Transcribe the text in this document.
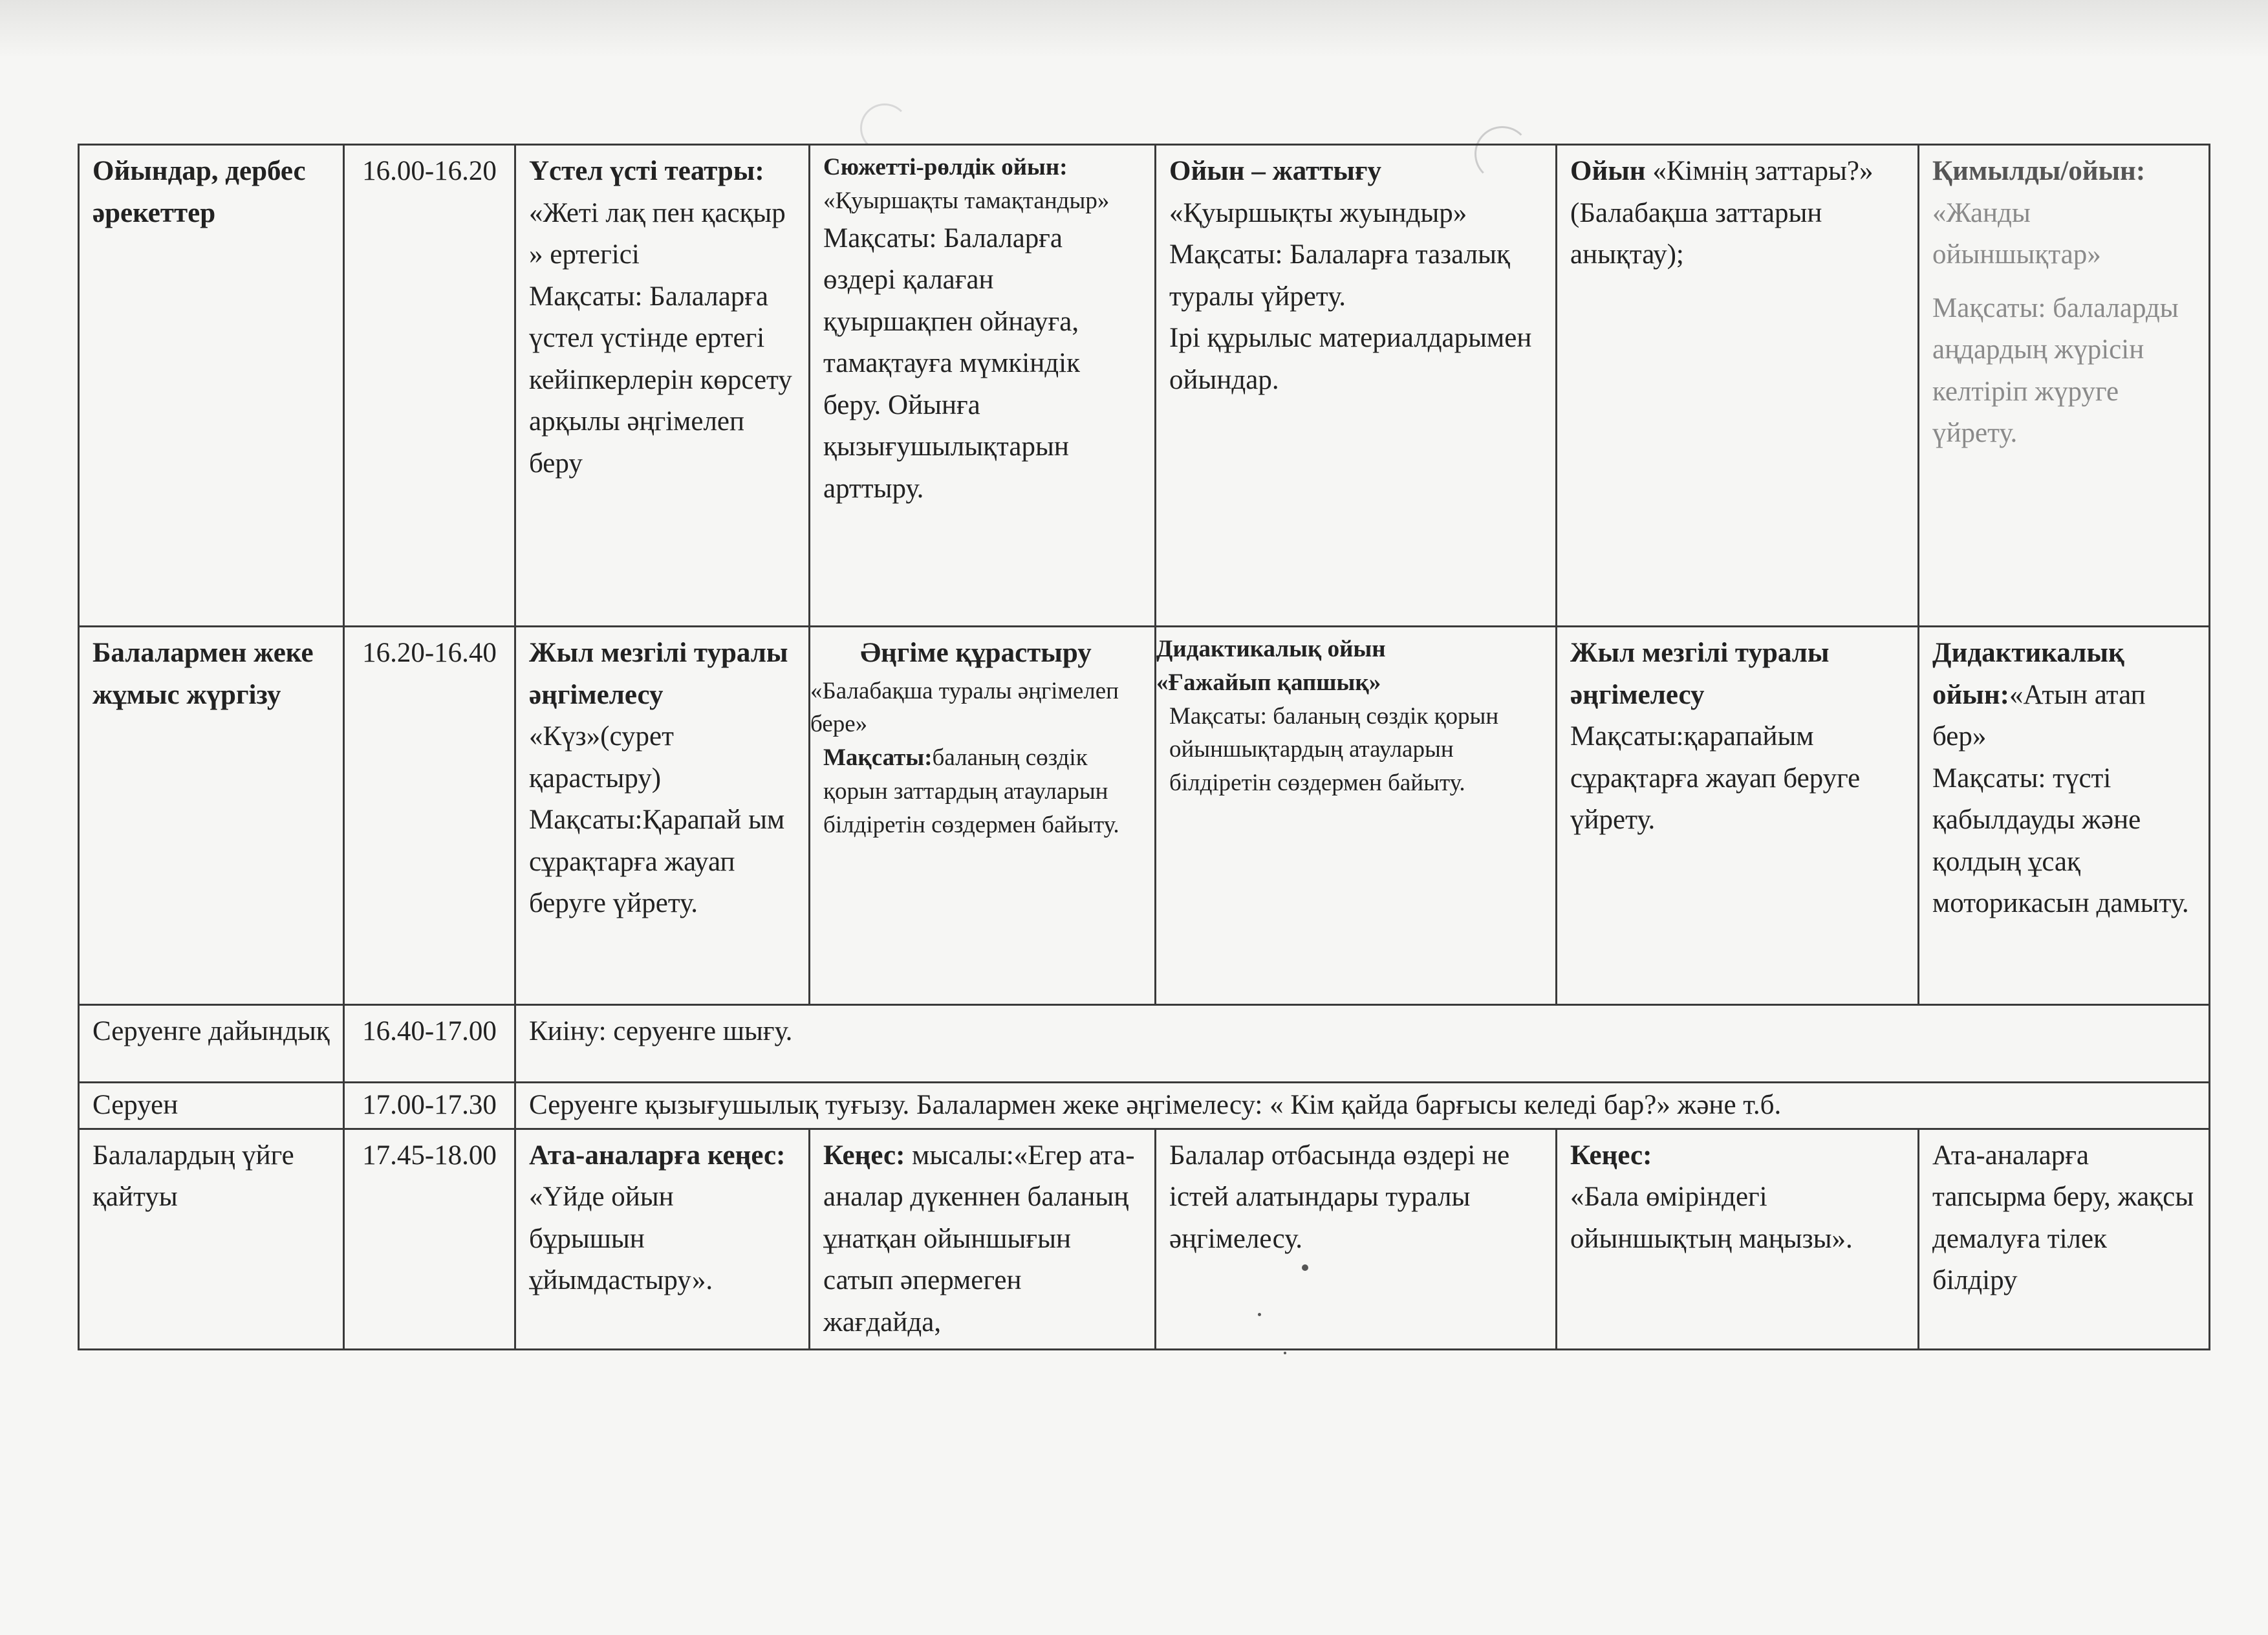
Ойындар, дербес әрекеттер	16.00-16.20	Үстел үсті театры:
«Жеті лақ пен қасқыр » ертегісі
Мақсаты: Балаларға үстел үстінде ертегі кейіпкерлерін көрсету арқылы әңгімелеп беру	Сюжетті-рөлдік ойын:
«Қуыршақты тамақтандыр»
Мақсаты: Балаларға өздері қалаған қуыршақпен ойнауға, тамақтауға мүмкіндік беру. Ойынға қызығушылықтарын арттыру.	Ойын – жаттығу
«Қуыршықты жуындыр»
Мақсаты: Балаларға тазалық туралы үйрету.
Ірі құрылыс материалдарымен ойындар.	Ойын «Кімнің заттары?» (Балабақша заттарын анықтау);	Қимылды/ойын:
«Жанды ойыншықтар»
Мақсаты: балаларды аңдардың жүрісін келтіріп жүруге үйрету.

Балалармен жеке жұмыс жүргізу	16.20-16.40	Жыл мезгілі туралы әңгімелесу
«Күз»(сурет қарастыру)
Мақсаты:Қарапай ым сұрақтарға жауап беруге үйрету.	Әңгіме құрастыру
«Балабақша туралы әңгімелеп бере»
Мақсаты:баланың сөздік қорын заттардың атауларын білдіретін сөздермен байыту.	Дидактикалық ойын
«Ғажайып қапшық»
Мақсаты: баланың сөздік қорын ойыншықтардың атауларын білдіретін сөздермен байыту.	Жыл мезгілі туралы әңгімелесу
Мақсаты:қарапайым сұрақтарға жауап беруге үйрету.	Дидактикалық ойын:«Атын атап бер»
Мақсаты: түсті қабылдауды және қолдың ұсақ моторикасын дамыту.

Серуенге дайындық	16.40-17.00	Киіну: серуенге шығу.				
Серуен	17.00-17.30	Серуенге қызығушылық туғызу. Балалармен жеке әңгімелесу: « Кім қайда барғысы келеді бар?» және т.б.				
Балалардың үйге қайтуы	17.45-18.00	Ата-аналарға кеңес:
«Үйде ойын бұрышын ұйымдастыру».	Кеңес: мысалы:«Егер ата-аналар дүкеннен баланың ұнатқан ойыншығын сатып әпермеген жағдайда,	Балалар отбасында өздері не істей алатындары туралы әңгімелесу.	Кеңес:
«Бала өміріндегі ойыншықтың маңызы».	Ата-аналарға тапсырма беру, жақсы демалуға тілек білдіру
